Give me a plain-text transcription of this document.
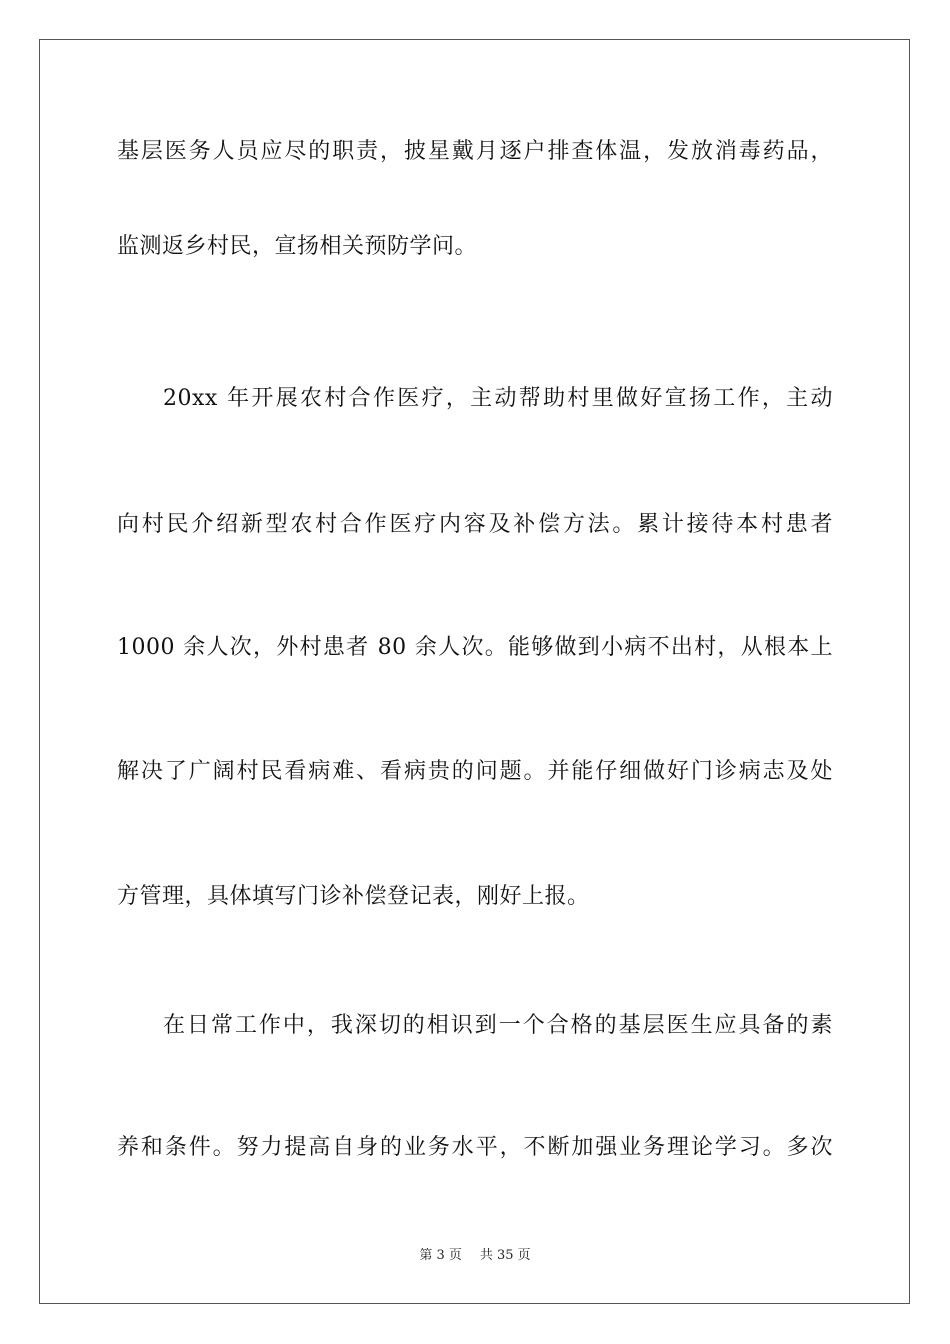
基层医务人员应尽的职责，披星戴月逐户排查体温，发放消毒药品，
监测返乡村民，宣扬相关预防学问。
20xx 年开展农村合作医疗，主动帮助村里做好宣扬工作，主动
向村民介绍新型农村合作医疗内容及补偿方法。累计接待本村患者
1000 余人次，外村患者 80 余人次。能够做到小病不出村，从根本上
解决了广阔村民看病难、看病贵的问题。并能仔细做好门诊病志及处
方管理，具体填写门诊补偿登记表，刚好上报。
在日常工作中，我深切的相识到一个合格的基层医生应具备的素
养和条件。努力提高自身的业务水平，不断加强业务理论学习。多次
第 3 页 共 35 页
